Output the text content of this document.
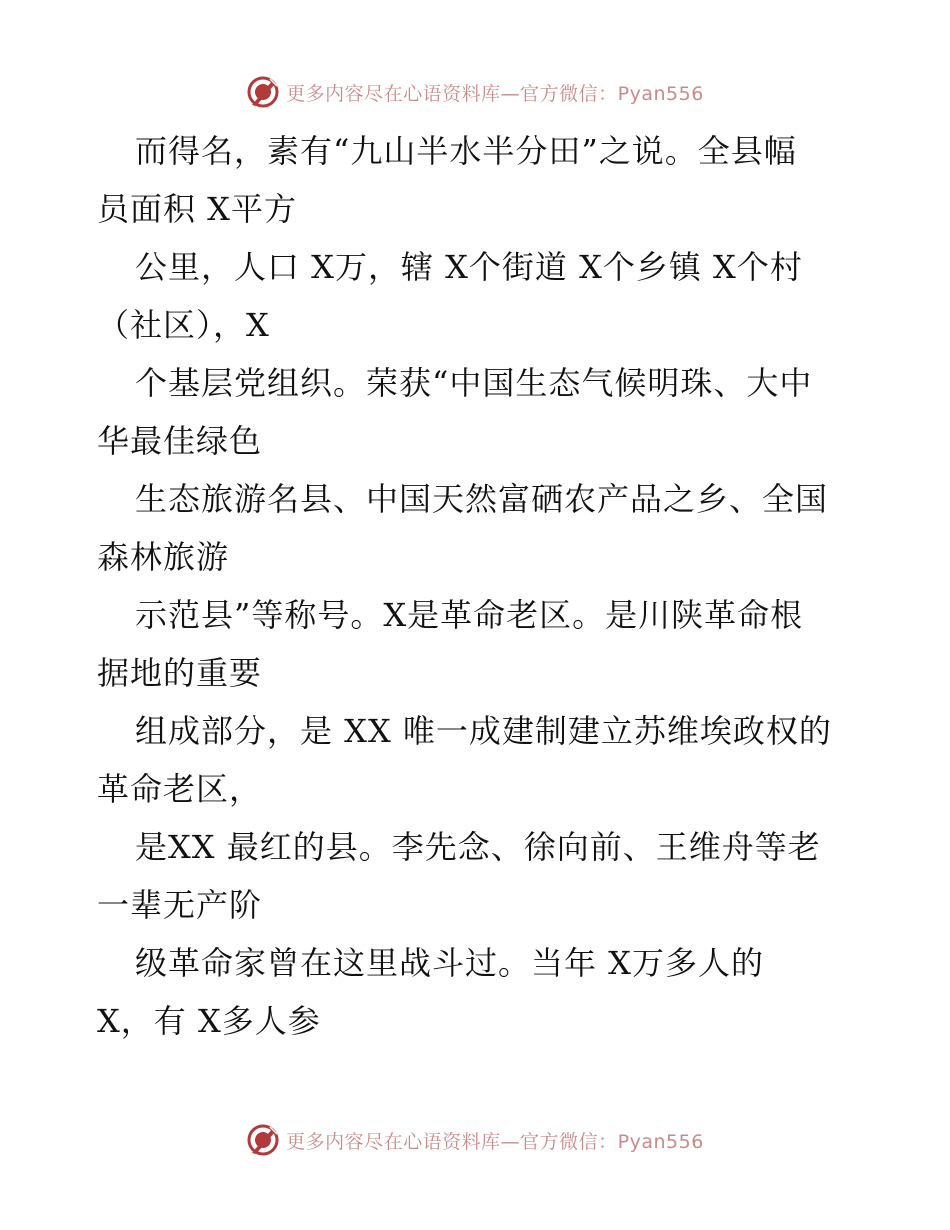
更多内容尽在心语资料库—官方微信：Pyan556
而得名，素有“九山半水半分田”之说。全县幅
员面积 X平方
公里，人口 X万，辖 X个街道 X个乡镇 X个村
（社区），X
个基层党组织。荣获“中国生态气候明珠、大中
华最佳绿色
生态旅游名县、中国天然富硒农产品之乡、全国
森林旅游
示范县”等称号。X是革命老区。是川陕革命根
据地的重要
组成部分，是 XX 唯一成建制建立苏维埃政权的
革命老区，
是XX 最红的县。李先念、徐向前、王维舟等老
一辈无产阶
级革命家曾在这里战斗过。当年 X万多人的
X，有 X多人参
更多内容尽在心语资料库—官方微信：Pyan556
